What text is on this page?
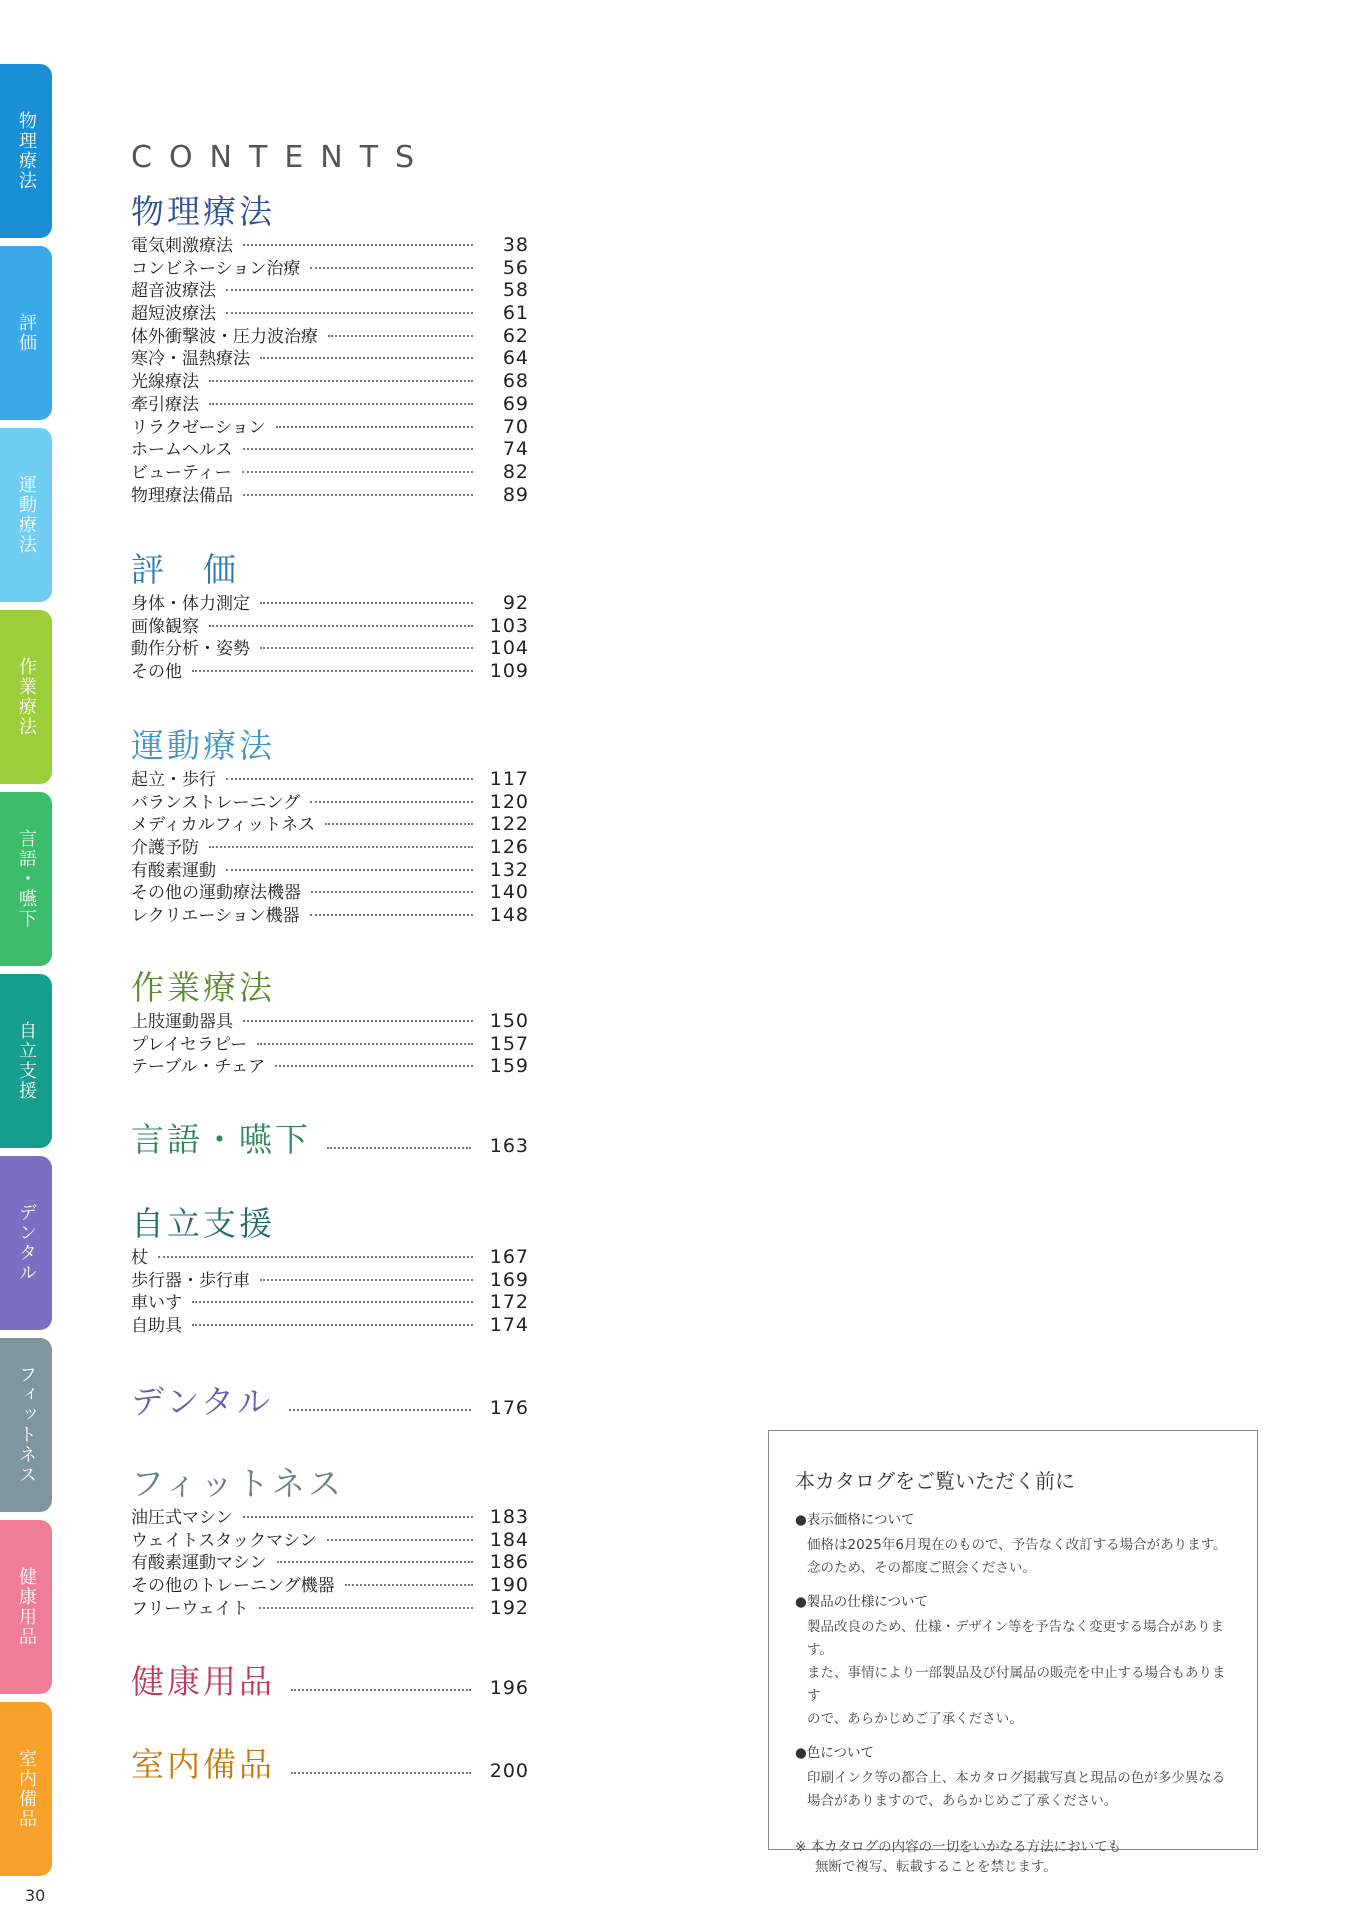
物理療法
評価
運動療法
作業療法
言語・嚥下
自立支援
デンタル
フィットネス
健康用品
室内備品
30
CONTENTS
物理療法
電気刺激療法	38
コンビネーション治療	56
超音波療法	58
超短波療法	61
体外衝撃波・圧力波治療	62
寒冷・温熱療法	64
光線療法	68
牽引療法	69
リラクゼーション	70
ホームヘルス	74
ビューティー	82
物理療法備品	89
評　価
身体・体力測定	92
画像観察	103
動作分析・姿勢	104
その他	109
運動療法
起立・歩行	117
バランストレーニング	120
メディカルフィットネス	122
介護予防	126
有酸素運動	132
その他の運動療法機器	140
レクリエーション機器	148
作業療法
上肢運動器具	150
プレイセラピー	157
テーブル・チェア	159
言語・嚥下	163
自立支援
杖	167
歩行器・歩行車	169
車いす	172
自助具	174
デンタル	176
フィットネス
油圧式マシン	183
ウェイトスタックマシン	184
有酸素運動マシン	186
その他のトレーニング機器	190
フリーウェイト	192
健康用品	196
室内備品	200
本カタログをご覧いただく前に
●表示価格について
価格は2025年6月現在のもので、予告なく改訂する場合があります。
念のため、その都度ご照会ください。
●製品の仕様について
製品改良のため、仕様・デザイン等を予告なく変更する場合があります。
また、事情により一部製品及び付属品の販売を中止する場合もあります
ので、あらかじめご了承ください。
●色について
印刷インク等の都合上、本カタログ掲載写真と現品の色が多少異なる
場合がありますので、あらかじめご了承ください。
※ 本カタログの内容の一切をいかなる方法においても
無断で複写、転載することを禁じます。
